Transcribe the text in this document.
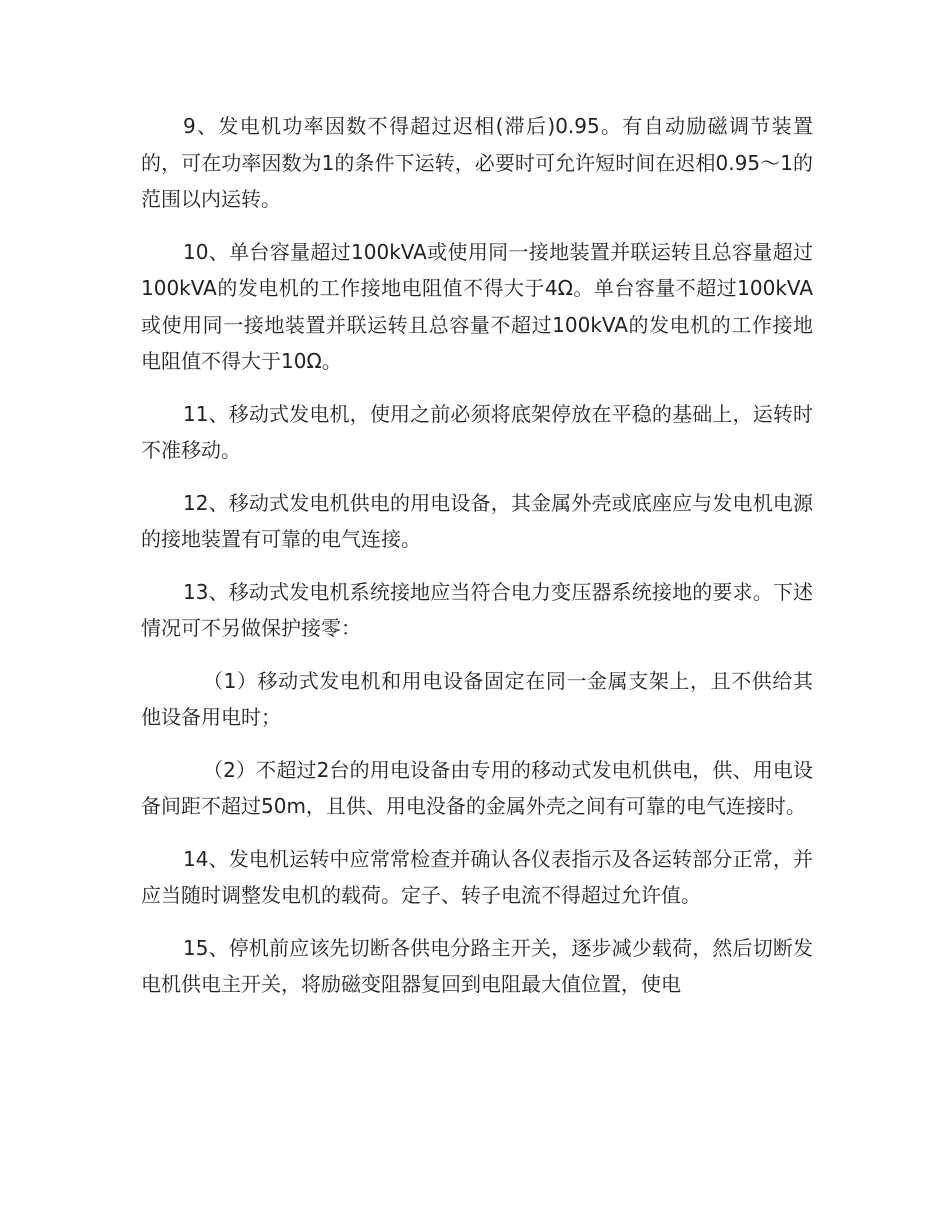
9、发电机功率因数不得超过迟相(滞后)0.95。有自动励磁调节装置的，可在功率因数为1的条件下运转，必要时可允许短时间在迟相0.95～1的范围以内运转。

10、单台容量超过100kVA或使用同一接地装置并联运转且总容量超过100kVA的发电机的工作接地电阻值不得大于4Ω。单台容量不超过100kVA或使用同一接地装置并联运转且总容量不超过100kVA的发电机的工作接地电阻值不得大于10Ω。

11、移动式发电机，使用之前必须将底架停放在平稳的基础上，运转时不准移动。

12、移动式发电机供电的用电设备，其金属外壳或底座应与发电机电源的接地装置有可靠的电气连接。

13、移动式发电机系统接地应当符合电力变压器系统接地的要求。下述情况可不另做保护接零：

（1）移动式发电机和用电设备固定在同一金属支架上，且不供给其他设备用电时；

（2）不超过2台的用电设备由专用的移动式发电机供电，供、用电设备间距不超过50m，且供、用电没备的金属外壳之间有可靠的电气连接时。

14、发电机运转中应常常检查并确认各仪表指示及各运转部分正常，并应当随时调整发电机的载荷。定子、转子电流不得超过允许值。

15、停机前应该先切断各供电分路主开关，逐步减少载荷，然后切断发电机供电主开关，将励磁变阻器复回到电阻最大值位置，使电
